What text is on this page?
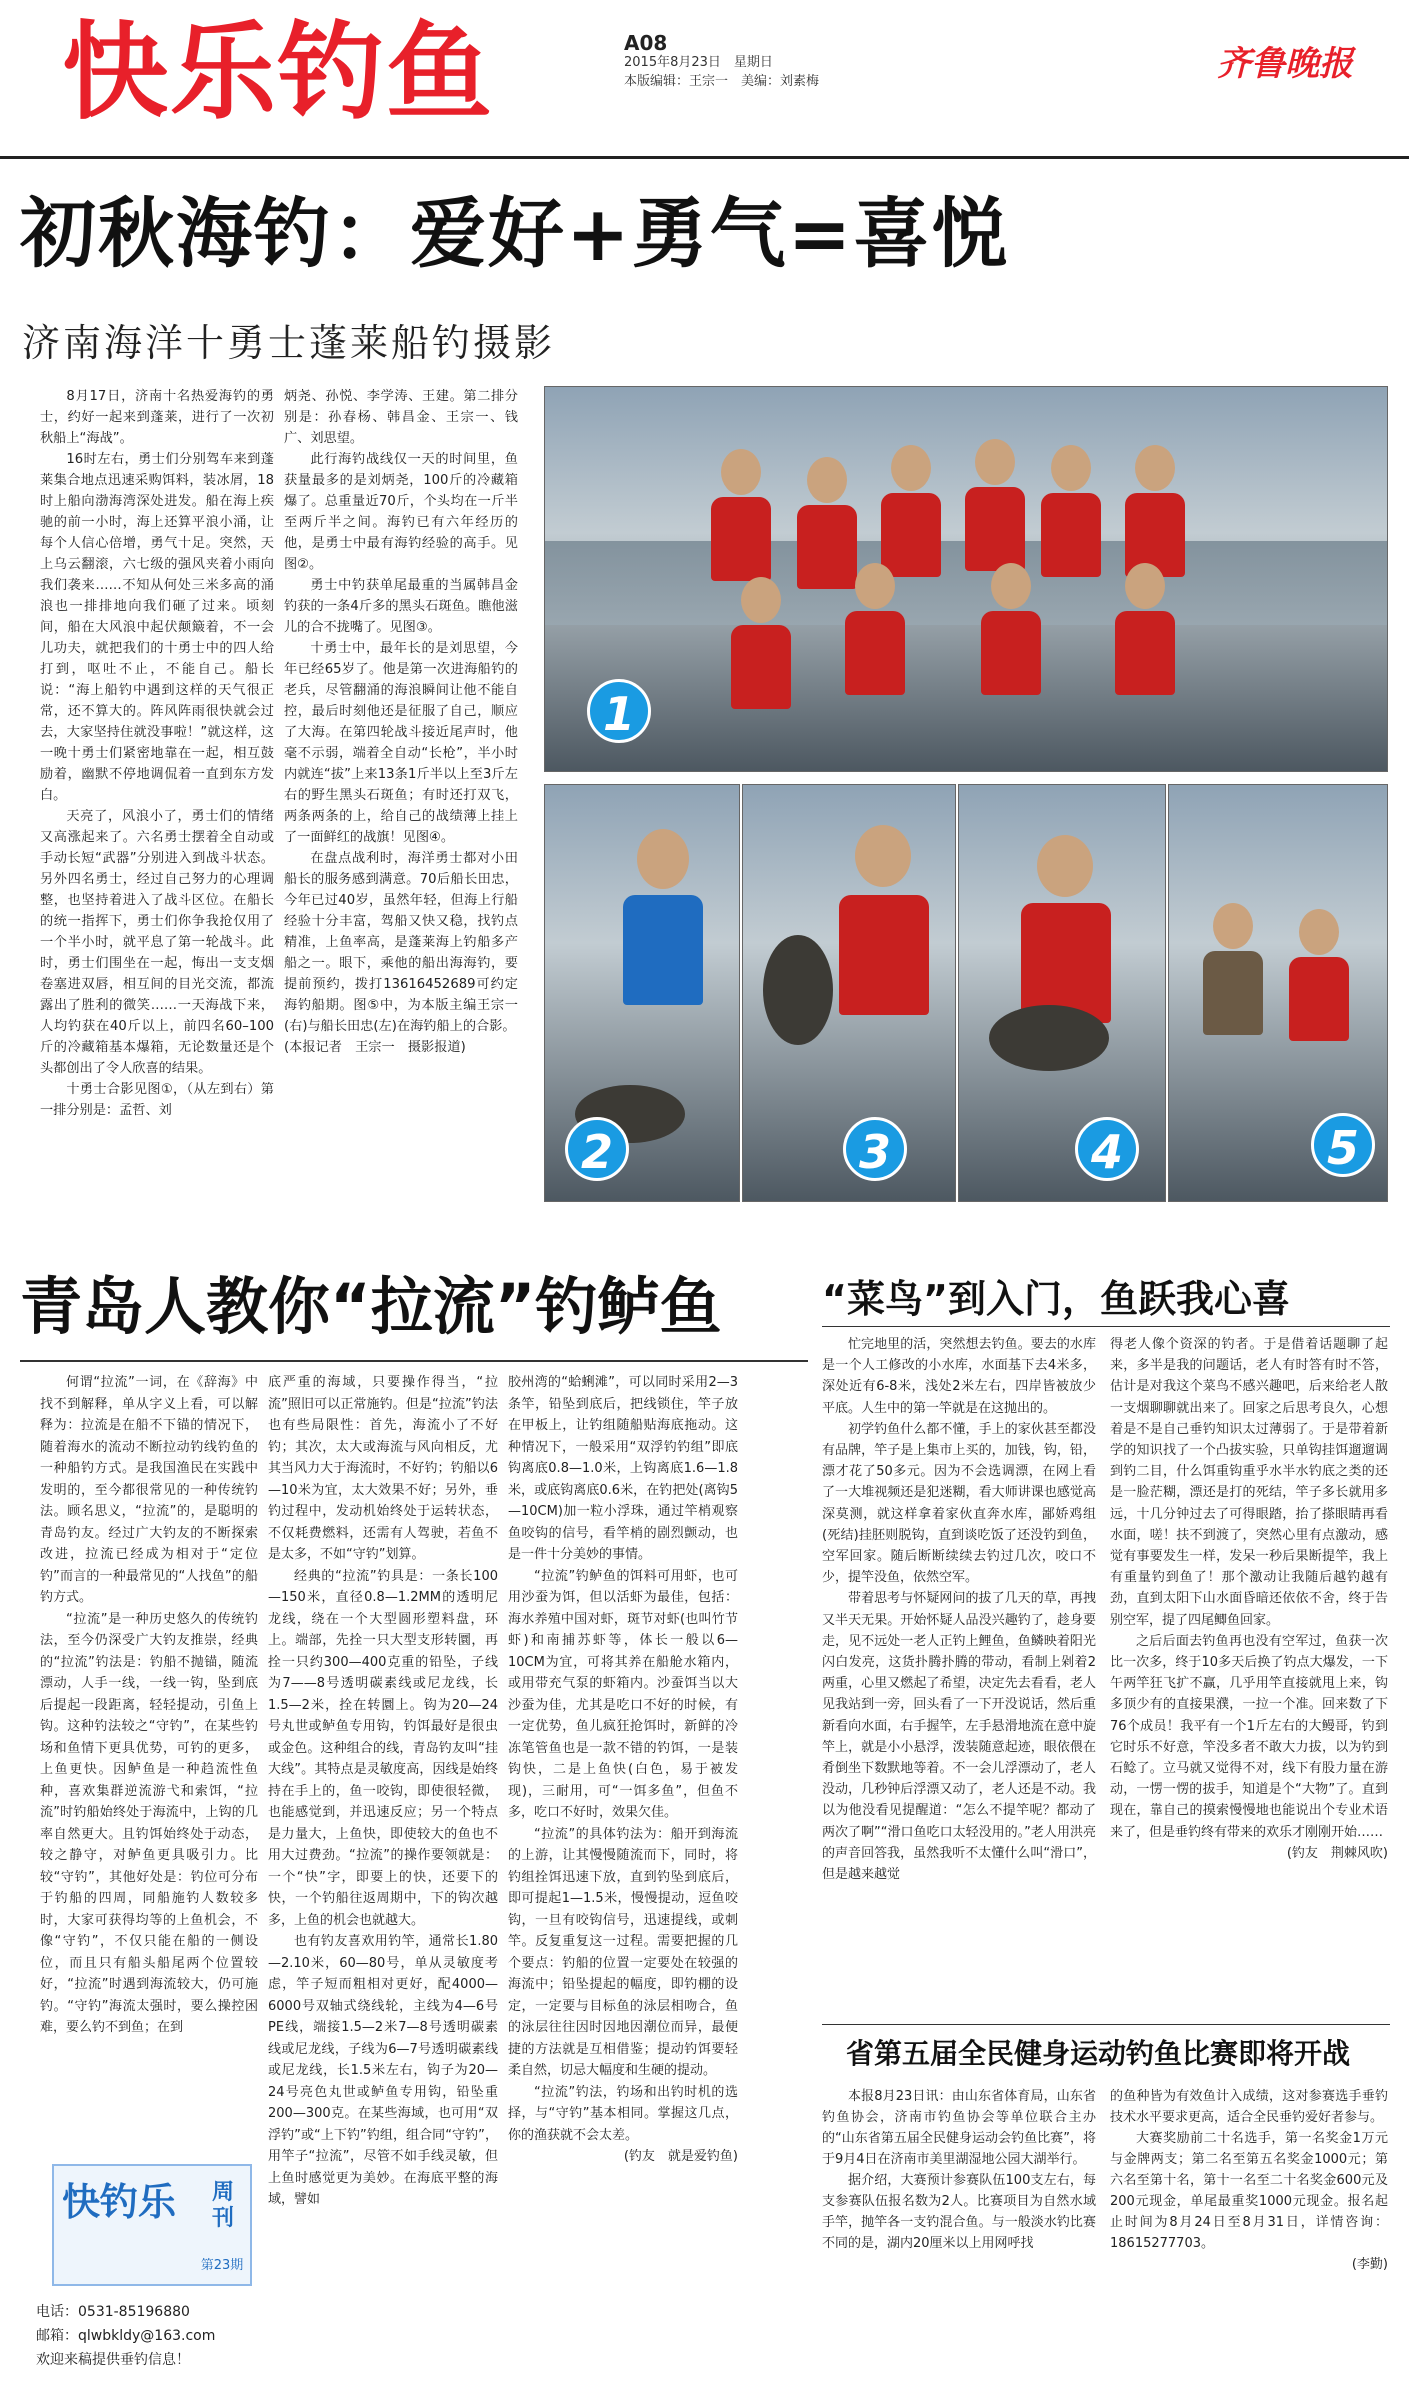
快乐钓鱼	A08
2015年8月23日　星期日
本版编辑：王宗一　美编：刘素梅	齐鲁晚报
初秋海钓：爱好+勇气=喜悦
济南海洋十勇士蓬莱船钓摄影

8月17日，济南十名热爱海钓的勇士，约好一起来到蓬莱，进行了一次初秋船上“海战”。

16时左右，勇士们分别驾车来到蓬莱集合地点迅速采购饵料，装冰屑，18时上船向渤海湾深处进发。船在海上疾驰的前一小时，海上还算平浪小涌，让每个人信心倍增，勇气十足。突然，天上乌云翻滚，六七级的强风夹着小雨向我们袭来……不知从何处三米多高的涌浪也一排排地向我们砸了过来。顷刻间，船在大风浪中起伏颠簸着，不一会儿功夫，就把我们的十勇士中的四人给打到，呕吐不止，不能自己。船长说：“海上船钓中遇到这样的天气很正常，还不算大的。阵风阵雨很快就会过去，大家坚持住就没事啦！”就这样，这一晚十勇士们紧密地靠在一起，相互鼓励着，幽默不停地调侃着一直到东方发白。

天亮了，风浪小了，勇士们的情绪又高涨起来了。六名勇士摆着全自动或手动长短“武器”分别进入到战斗状态。另外四名勇士，经过自己努力的心理调整，也坚持着进入了战斗区位。在船长的统一指挥下，勇士们你争我抢仅用了一个半小时，就平息了第一轮战斗。此时，勇士们围坐在一起，悔出一支支烟卷塞进双唇，相互间的目光交流，都流露出了胜利的微笑……一天海战下来，人均钓获在40斤以上，前四名60–100斤的冷藏箱基本爆箱，无论数量还是个头都创出了令人欣喜的结果。

十勇士合影见图①，（从左到右）第一排分别是：孟哲、刘

炳尧、孙悦、李学涛、王建。第二排分别是：孙春杨、韩昌金、王宗一、钱广、刘思望。

此行海钓战线仅一天的时间里，鱼获量最多的是刘炳尧，100斤的冷藏箱爆了。总重量近70斤，个头均在一斤半至两斤半之间。海钓已有六年经历的他，是勇士中最有海钓经验的高手。见图②。

勇士中钓获单尾最重的当属韩昌金钓获的一条4斤多的黑头石斑鱼。瞧他滋儿的合不拢嘴了。见图③。

十勇士中，最年长的是刘思望，今年已经65岁了。他是第一次进海船钓的老兵，尽管翻涌的海浪瞬间让他不能自控，最后时刻他还是征服了自己，顺应了大海。在第四轮战斗接近尾声时，他毫不示弱，端着全自动“长枪”，半小时内就连“拔”上来13条1斤半以上至3斤左右的野生黑头石斑鱼；有时还打双飞，两条两条的上，给自己的战绩薄上挂上了一面鲜红的战旗！见图④。

在盘点战利时，海洋勇士都对小田船长的服务感到满意。70后船长田忠，今年已过40岁，虽然年轻，但海上行船经验十分丰富，驾船又快又稳，找钓点精准，上鱼率高，是蓬莱海上钓船多产船之一。眼下，乘他的船出海海钓，要提前预约，拨打13616452689可约定海钓船期。图⑤中，为本版主编王宗一(右)与船长田忠(左)在海钓船上的合影。

(本报记者　王宗一　摄影报道)

1
2	3	4	5
青岛人教你“拉流”钓鲈鱼

何谓“拉流”一词，在《辞海》中找不到解释，单从字义上看，可以解释为：拉流是在船不下锚的情况下，随着海水的流动不断拉动钓线钓鱼的一种船钓方式。是我国渔民在实践中发明的，至今都很常见的一种传统钓法。顾名思义，“拉流”的，是聪明的青岛钓友。经过广大钓友的不断探索改进，拉流已经成为相对于“定位钓”而言的一种最常见的“人找鱼”的船钓方式。

“拉流”是一种历史悠久的传统钓法，至今仍深受广大钓友推崇，经典的“拉流”钓法是：钓船不抛锚，随流漂动，人手一线，一线一钩，坠到底后提起一段距离，轻轻提动，引鱼上钩。这种钓法较之“守钓”，在某些钓场和鱼情下更具优势，可钓的更多，上鱼更快。因鲈鱼是一种趋流性鱼种，喜欢集群逆流游弋和索饵，“拉流”时钓船始终处于海流中，上钩的几率自然更大。且钓饵始终处于动态，较之静守，对鲈鱼更具吸引力。比较“守钓”，其他好处是：钓位可分布于钓船的四周，同船施钓人数较多时，大家可获得均等的上鱼机会，不像“守钓”，不仅只能在船的一侧设位，而且只有船头船尾两个位置较好，“拉流”时遇到海流较大，仍可施钓。“守钓”海流太强时，要么操控困难，要么钓不到鱼；在到

底严重的海域，只要操作得当，“拉流”照旧可以正常施钓。但是“拉流”钓法也有些局限性：首先，海流小了不好钓；其次，太大或海流与风向相反，尤其当风力大于海流时，不好钓；钓船以6—10米为宜，太大效果不好；另外，垂钓过程中，发动机始终处于运转状态，不仅耗费燃料，还需有人驾驶，若鱼不是太多，不如“守钓”划算。

经典的“拉流”钓具是：一条长100—150米，直径0.8—1.2MM的透明尼龙线，绕在一个大型圆形塑料盘，环上。端部，先拴一只大型支形转圜，再拴一只约300—400克重的铅坠，子线为7——8号透明碳素线或尼龙线，长1.5—2米，拴在转圜上。钩为20—24号丸世或鲈鱼专用钩，钓饵最好是很虫或金色。这种组合的线，青岛钓友叫“挂大线”。其特点是灵敏度高，因线是始终持在手上的，鱼一咬钩，即使很轻微，也能感觉到，并迅速反应；另一个特点是力量大，上鱼快，即使较大的鱼也不用大过费劲。“拉流”的操作要领就是：一个“快”字，即要上的快，还要下的快，一个钓船往返周期中，下的钩次越多，上鱼的机会也就越大。

也有钓友喜欢用钓竿，通常长1.80—2.10米，60—80号，单从灵敏度考虑，竿子短而粗相对更好，配4000—6000号双轴式绕线轮，主线为4—6号PE线，端接1.5—2米7—8号透明碳素线或尼龙线，子线为6—7号透明碳素线或尼龙线，长1.5米左右，钩子为20—24号亮色丸世或鲈鱼专用钩，铅坠重200—300克。在某些海域，也可用“双浮钓”或“上下钓”钓组，组合同“守钓”，用竿子“拉流”，尽管不如手线灵敏，但上鱼时感觉更为美妙。在海底平整的海域，譬如

胶州湾的“蛤蜊滩”，可以同时采用2—3条竿，铅坠到底后，把线锁住，竿子放在甲板上，让钓组随船贴海底拖动。这种情况下，一般采用“双浮钓钓组”即底钩离底0.8—1.0米，上钩离底1.6—1.8米，或底钩离底0.6米，在钓把处(离钩5—10CM)加一粒小浮珠，通过竿梢观察鱼咬钩的信号，看竿梢的剧烈颤动，也是一件十分美妙的事情。

“拉流”钓鲈鱼的饵料可用虾，也可用沙蚕为饵，但以活虾为最佳，包括：海水养殖中国对虾，斑节对虾(也叫竹节虾)和南捕苏虾等，体长一般以6—10CM为宜，可将其养在船舱水箱内，或用带充气泵的虾箱内。沙蚕饵当以大沙蚕为佳，尤其是吃口不好的时候，有一定优势，鱼儿疯狂抢饵时，新鲜的冷冻笔管鱼也是一款不错的钓饵，一是装钩快，二是上鱼快(白色，易于被发现)，三耐用，可“一饵多鱼”，但鱼不多，吃口不好时，效果欠佳。

“拉流”的具体钓法为：船开到海流的上游，让其慢慢随流而下，同时，将钓组拴饵迅速下放，直到钓坠到底后，即可提起1—1.5米，慢慢提动，逗鱼咬钩，一旦有咬钩信号，迅速提线，或刺竿。反复重复这一过程。需要把握的几个要点：钓船的位置一定要处在较强的海流中；铅坠提起的幅度，即钓棚的设定，一定要与目标鱼的泳层相吻合，鱼的泳层往往因时因地因潮位而异，最便捷的方法就是互相借鉴；提动钓饵要轻柔自然，切忌大幅度和生硬的提动。

“拉流”钓法，钓场和出钓时机的选择，与“守钓”基本相同。掌握这几点，你的渔获就不会太差。

(钓友　就是爱钓鱼)

“菜鸟”到入门，鱼跃我心喜

忙完地里的活，突然想去钓鱼。要去的水库是一个人工修改的小水库，水面基下去4米多，深处近有6-8米，浅处2米左右，四岸皆被放少平底。人生中的第一竿就是在这抛出的。

初学钓鱼什么都不懂，手上的家伙甚至都没有品牌，竿子是上集市上买的，加钱，钩，铅，漂才花了50多元。因为不会选调漂，在网上看了一大堆视频还是犯迷糊，看大师讲课也感觉高深莫测，就这样拿着家伙直奔水库，鄙娇鸡组(死结)挂胚则脱钩，直到谈吃饭了还没钓到鱼，空军回家。随后断断续续去钓过几次，咬口不少，提竿没鱼，依然空军。

带着思考与怀疑网问的拔了几天的草，再拽又半天无果。开始怀疑人品没兴趣钓了，趁身要走，见不远处一老人正钓上鲤鱼，鱼鳞映着阳光闪白发亮，这货扑腾扑腾的带动，看制上剁着2两重，心里又燃起了希望，决定先去看看，老人见我站到一旁，回头看了一下开没说话，然后重新看向水面，右手握竿，左手悬滑地流在意中旋竿上，就是小小悬浮，泼装随意起迹，眼依偎在肴倒坐下数默地等着。不一会儿浮漂动了，老人没动，几秒钟后浮漂又动了，老人还是不动。我以为他没看见提醒道：“怎么不提竿呢？都动了两次了啊”“滑口鱼吃口太轻没用的。”老人用洪亮的声音回答我，虽然我听不太懂什么叫“滑口”，但是越来越觉

得老人像个资深的钓者。于是借着话题聊了起来，多半是我的问题话，老人有时答有时不答，估计是对我这个菜鸟不感兴趣吧，后来给老人散一支烟聊聊就出来了。回家之后思考良久，心想着是不是自己垂钓知识太过薄弱了。于是带着新学的知识找了一个凸拔实验，只单钩挂饵遛遛调到钓二目，什么饵重钩重乎水半水钓底之类的还是一脸茫糊，漂还是打的死结，竿子多长就用多远，十几分钟过去了可得眼踏，抬了搽眼睛再看水面，嗟！扶不到渡了，突然心里有点激动，感觉有事要发生一样，发呆一秒后果断提竿，我上有重量钓到鱼了！那个激动让我随后越钓越有劲，直到太阳下山水面昏暗还依依不舍，终于告别空军，提了四尾鲫鱼回家。

之后后面去钓鱼再也没有空军过，鱼获一次比一次多，终于10多天后换了钓点大爆发，一下午两竿狂飞扩不赢，几乎用竿直接就甩上来，钩多顶少有的直接果濮，一拉一个准。回来数了下76个成员！我平有一个1斤左右的大鳗哥，钓到它时乐不好意，竿没多者不敢大力拔，以为钓到石鲶了。立马就又觉得不对，线下有股力量在游动，一愣一愣的拔手，知道是个“大物”了。直到现在，靠自己的摸索慢慢地也能说出个专业术语来了，但是垂钓终有带来的欢乐才刚刚开始……

(钓友　荆棘风吹)

省第五届全民健身运动钓鱼比赛即将开战

本报8月23日讯：由山东省体育局，山东省钓鱼协会，济南市钓鱼协会等单位联合主办的“山东省第五届全民健身运动会钓鱼比赛”，将于9月4日在济南市美里湖湿地公园大湖举行。

据介绍，大赛预计参赛队伍100支左右，每支参赛队伍报名数为2人。比赛项目为自然水域手竿，抛竿各一支钓混合鱼。与一般淡水钓比赛不同的是，湖内20厘米以上用网呼找

的鱼种皆为有效鱼计入成绩，这对参赛选手垂钓技术水平要求更高，适合全民垂钓爱好者参与。

大赛奖励前二十名选手，第一名奖金1万元与金牌两支；第二名至第五名奖金1000元；第六名至第十名，第十一名至二十名奖金600元及200元现金，单尾最重奖1000元现金。报名起止时间为8月24日至8月31日，详情咨询：18615277703。

(李勤)

快钓乐 周刊
第23期
电话：0531-85196880
邮箱：qlwbkldy@163.com
欢迎来稿提供垂钓信息！
